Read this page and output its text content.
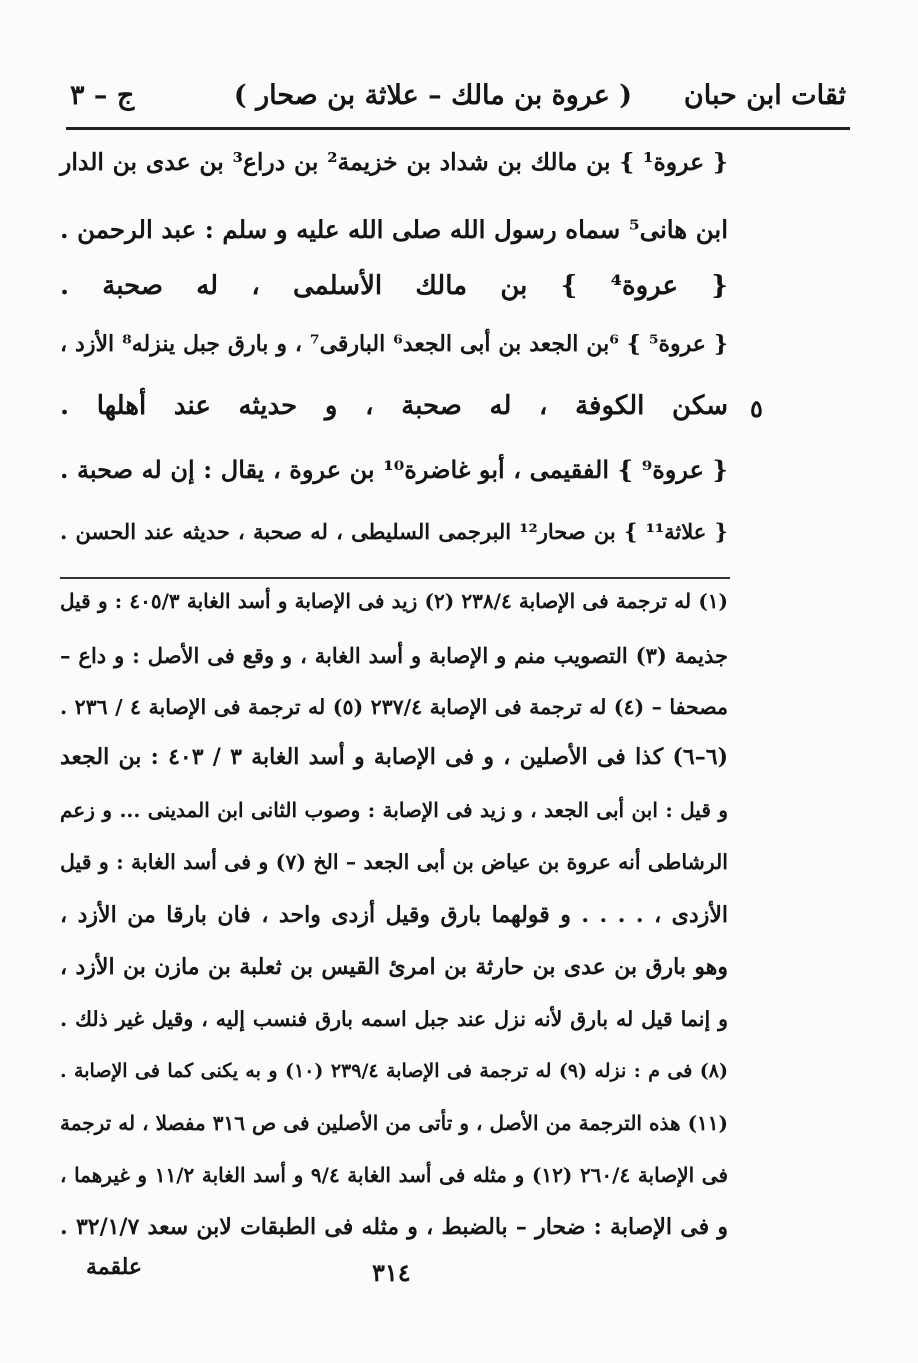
ثقات ابن حبان
( عروة بن مالك – علاثة بن صحار )
ج – ٣
{ عروة¹ } بن مالك بن شداد بن خزيمة² بن دراع³ بن عدى بن الدار
ابن هانى⁵ سماه رسول الله صلى الله عليه و سلم : عبد الرحمن .
{ عروة⁴ } بن مالك الأسلمى ، له صحبة .
{ عروة⁵ } ⁶بن الجعد بن أبى الجعد⁶ البارقى⁷ ، و بارق جبل ينزله⁸ الأزد ،
سكن الكوفة ، له صحبة ، و حديثه عند أهلها .
{ عروة⁹ } الفقيمى ، أبو غاضرة¹⁰ بن عروة ، يقال : إن له صحبة .
{ علاثة¹¹ } بن صحار¹² البرجمى السليطى ، له صحبة ، حديثه عند الحسن .
٥
(١) له ترجمة فى الإصابة ٢٣٨/٤ (٢) زيد فى الإصابة و أسد الغابة ٤٠٥/٣ : و قيل
جذيمة (٣) التصويب منم و الإصابة و أسد الغابة ، و وقع فى الأصل : و داع –
مصحفا – (٤) له ترجمة فى الإصابة ٢٣٧/٤ (٥) له ترجمة فى الإصابة ٤ / ٢٣٦ .
(٦–٦) كذا فى الأصلين ، و فى الإصابة و أسد الغابة ٣ / ٤٠٣ : بن الجعد
و قيل : ابن أبى الجعد ، و زيد فى الإصابة : وصوب الثانى ابن المدينى ... و زعم
الرشاطى أنه عروة بن عياض بن أبى الجعد – الخ (٧) و فى أسد الغابة : و قيل
الأزدى ، . . . . و قولهما بارق وقيل أزدى واحد ، فان بارقا من الأزد ،
وهو بارق بن عدى بن حارثة بن امرئ القيس بن ثعلبة بن مازن بن الأزد ،
و إنما قيل له بارق لأنه نزل عند جبل اسمه بارق فنسب إليه ، وقيل غير ذلك .
(٨) فى م : نزله (٩) له ترجمة فى الإصابة ٢٣٩/٤ (١٠) و به يكنى كما فى الإصابة .
(١١) هذه الترجمة من الأصل ، و تأتى من الأصلين فى ص ٣١٦ مفصلا ، له ترجمة
فى الإصابة ٢٦٠/٤ (١٢) و مثله فى أسد الغابة ٩/٤ و أسد الغابة ١١/٢ و غيرهما ،
و فى الإصابة : ضحار – بالضبط ، و مثله فى الطبقات لابن سعد ٣٢/١/٧ .
٣١٤
علقمة
